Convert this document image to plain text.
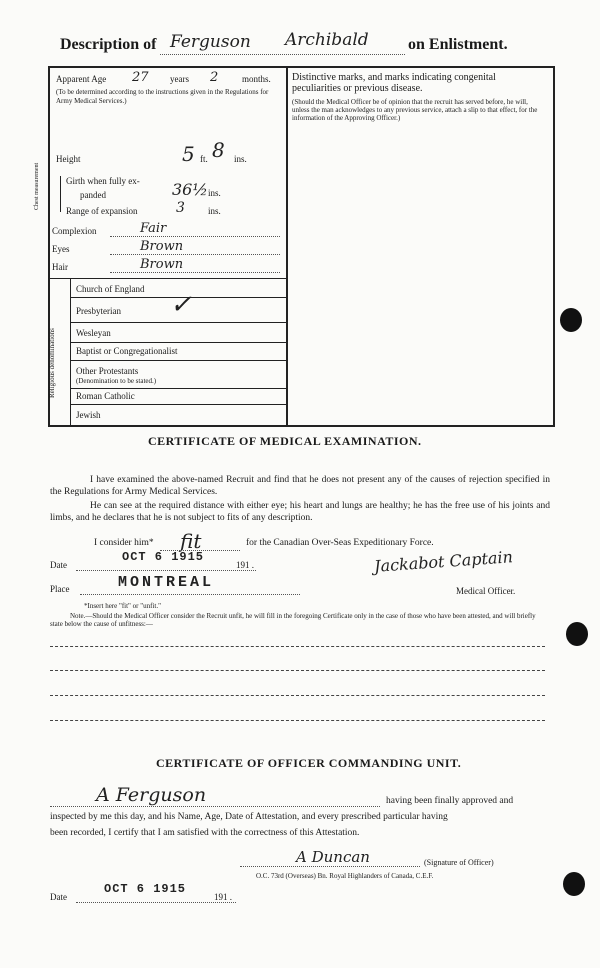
Description of Ferguson Archibald on Enlistment.
Apparent Age 27 years 2	months.
(To be determined according to the instructions given in the Regulations for Army Medical Services.)
Height	5 ft. 8 ins.
Chest measurement	Girth when fully ex-
panded	36½ ins.
Range of expansion	3	ins.
Complexion	Fair
Eyes	Brown
Hair	Brown
Religious denominations
Church of England
Presbyterian ✓
Wesleyan
Baptist or Congregationalist
Other Protestants
(Denomination to be stated.)
Roman Catholic
Jewish
Distinctive marks, and marks indicating congenital peculiarities or previous disease.
(Should the Medical Officer be of opinion that the recruit has served before, he will, unless the man acknowledges to any previous service, attach a slip to that effect, for the information of the Approving Officer.)
CERTIFICATE OF MEDICAL EXAMINATION.
I have examined the above-named Recruit and find that he does not present any of the causes of rejection specified in the Regulations for Army Medical Services.
He can see at the required distance with either eye; his heart and lungs are healthy; he has the free use of his joints and limbs, and he declares that he is not subject to fits of any description.
I consider him* fit	for the Canadian Over-Seas Expeditionary Force.
Date
OCT 6 1915
191 .	Jackabot Captain
Place	MONTREAL	Medical Officer.
*Insert here "fit" or "unfit."
Note.—Should the Medical Officer consider the Recruit unfit, he will fill in the foregoing Certificate only in the case of those who have been attested, and will briefly state below the cause of unfitness:—
CERTIFICATE OF OFFICER COMMANDING UNIT.
A Ferguson	having been finally approved and
inspected by me this day, and his Name, Age, Date of Attestation, and every prescribed particular having
been recorded, I certify that I am satisfied with the correctness of this Attestation.
A Duncan	(Signature of Officer)
O.C. 73rd (Overseas) Bn. Royal Highlanders of Canada, C.E.F.
Date
OCT 6 1915
191 .
